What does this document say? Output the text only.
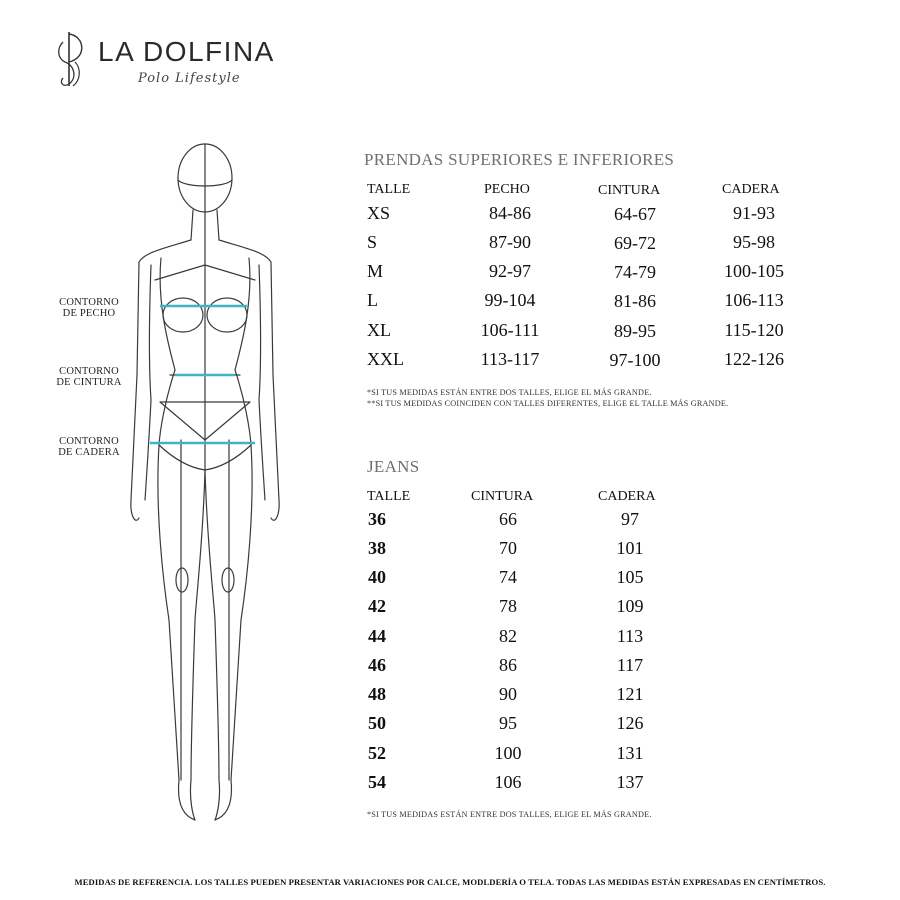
LA DOLFINA
Polo Lifestyle
CONTORNO
DE PECHO
CONTORNO
DE CINTURA
CONTORNO
DE CADERA
PRENDAS SUPERIORES E INFERIORES
TALLE	PECHO	CINTURA	CADERA
XS	84-86	64-67	91-93
S	87-90	69-72	95-98
M	92-97	74-79	100-105
L	99-104	81-86	106-113
XL	106-111	89-95	115-120
XXL	113-117	97-100	122-126
*SI TUS MEDIDAS ESTÁN ENTRE DOS TALLES, ELIGE EL MÁS GRANDE.
**SI TUS MEDIDAS COINCIDEN CON TALLES DIFERENTES, ELIGE EL TALLE MÁS GRANDE.
JEANS
TALLE	CINTURA	CADERA
36	66	97
38	70	101
40	74	105
42	78	109
44	82	113
46	86	117
48	90	121
50	95	126
52	100	131
54	106	137
*SI TUS MEDIDAS ESTÁN ENTRE DOS TALLES, ELIGE EL MÁS GRANDE.
MEDIDAS DE REFERENCIA. LOS TALLES PUEDEN PRESENTAR VARIACIONES POR CALCE, MODLDERÍA O TELA. TODAS LAS MEDIDAS ESTÁN EXPRESADAS EN CENTÍMETROS.
